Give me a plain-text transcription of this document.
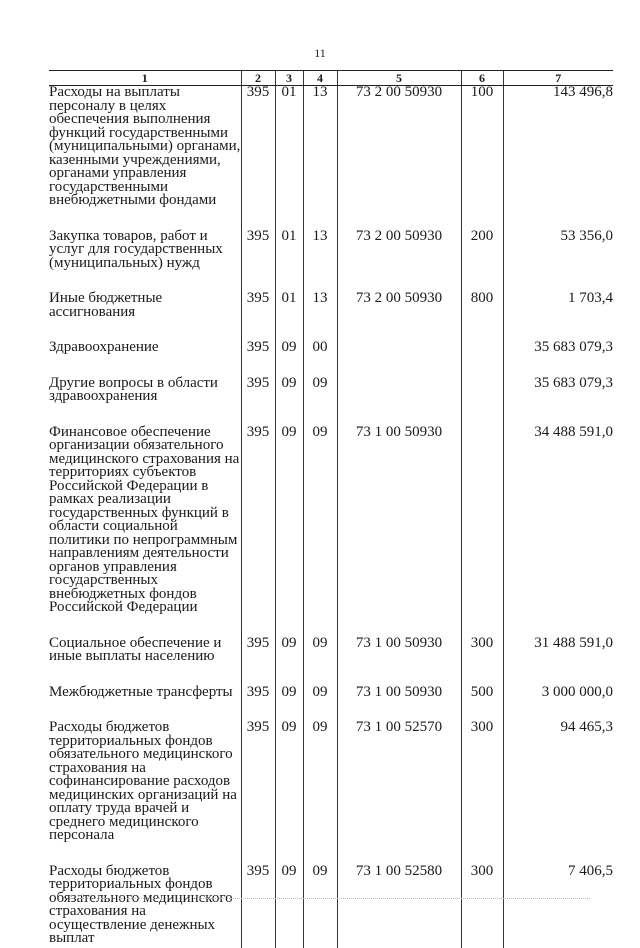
11
1	2	3	4	5	6	7
Расходы на выплаты персоналу в целях обеспечения выполнения функций государственными (муниципальными) органами, казенными учреждениями, органами управления государственными внебюджетными фондами	395	01	13	73 2 00 50930	100	143 496,8
Закупка товаров, работ и услуг для государственных (муниципальных) нужд	395	01	13	73 2 00 50930	200	53 356,0
Иные бюджетные ассигнования	395	01	13	73 2 00 50930	800	1 703,4
Здравоохранение	395	09	00			35 683 079,3
Другие вопросы в области здравоохранения	395	09	09			35 683 079,3
Финансовое обеспечение организации обязательного медицинского страхования на территориях субъектов Российской Федерации в рамках реализации государственных функций в области социальной политики по непрограммным направлениям деятельности органов управления государственных внебюджетных фондов Российской Федерации	395	09	09	73 1 00 50930		34 488 591,0
Социальное обеспечение и иные выплаты населению	395	09	09	73 1 00 50930	300	31 488 591,0
Межбюджетные трансферты	395	09	09	73 1 00 50930	500	3 000 000,0
Расходы бюджетов территориальных фондов обязательного медицинского страхования на софинансирование расходов медицинских организаций на оплату труда врачей и среднего медицинского персонала	395	09	09	73 1 00 52570	300	94 465,3
Расходы бюджетов территориальных фондов обязательного медицинского страхования на осуществление денежных выплат	395	09	09	73 1 00 52580	300	7 406,5
